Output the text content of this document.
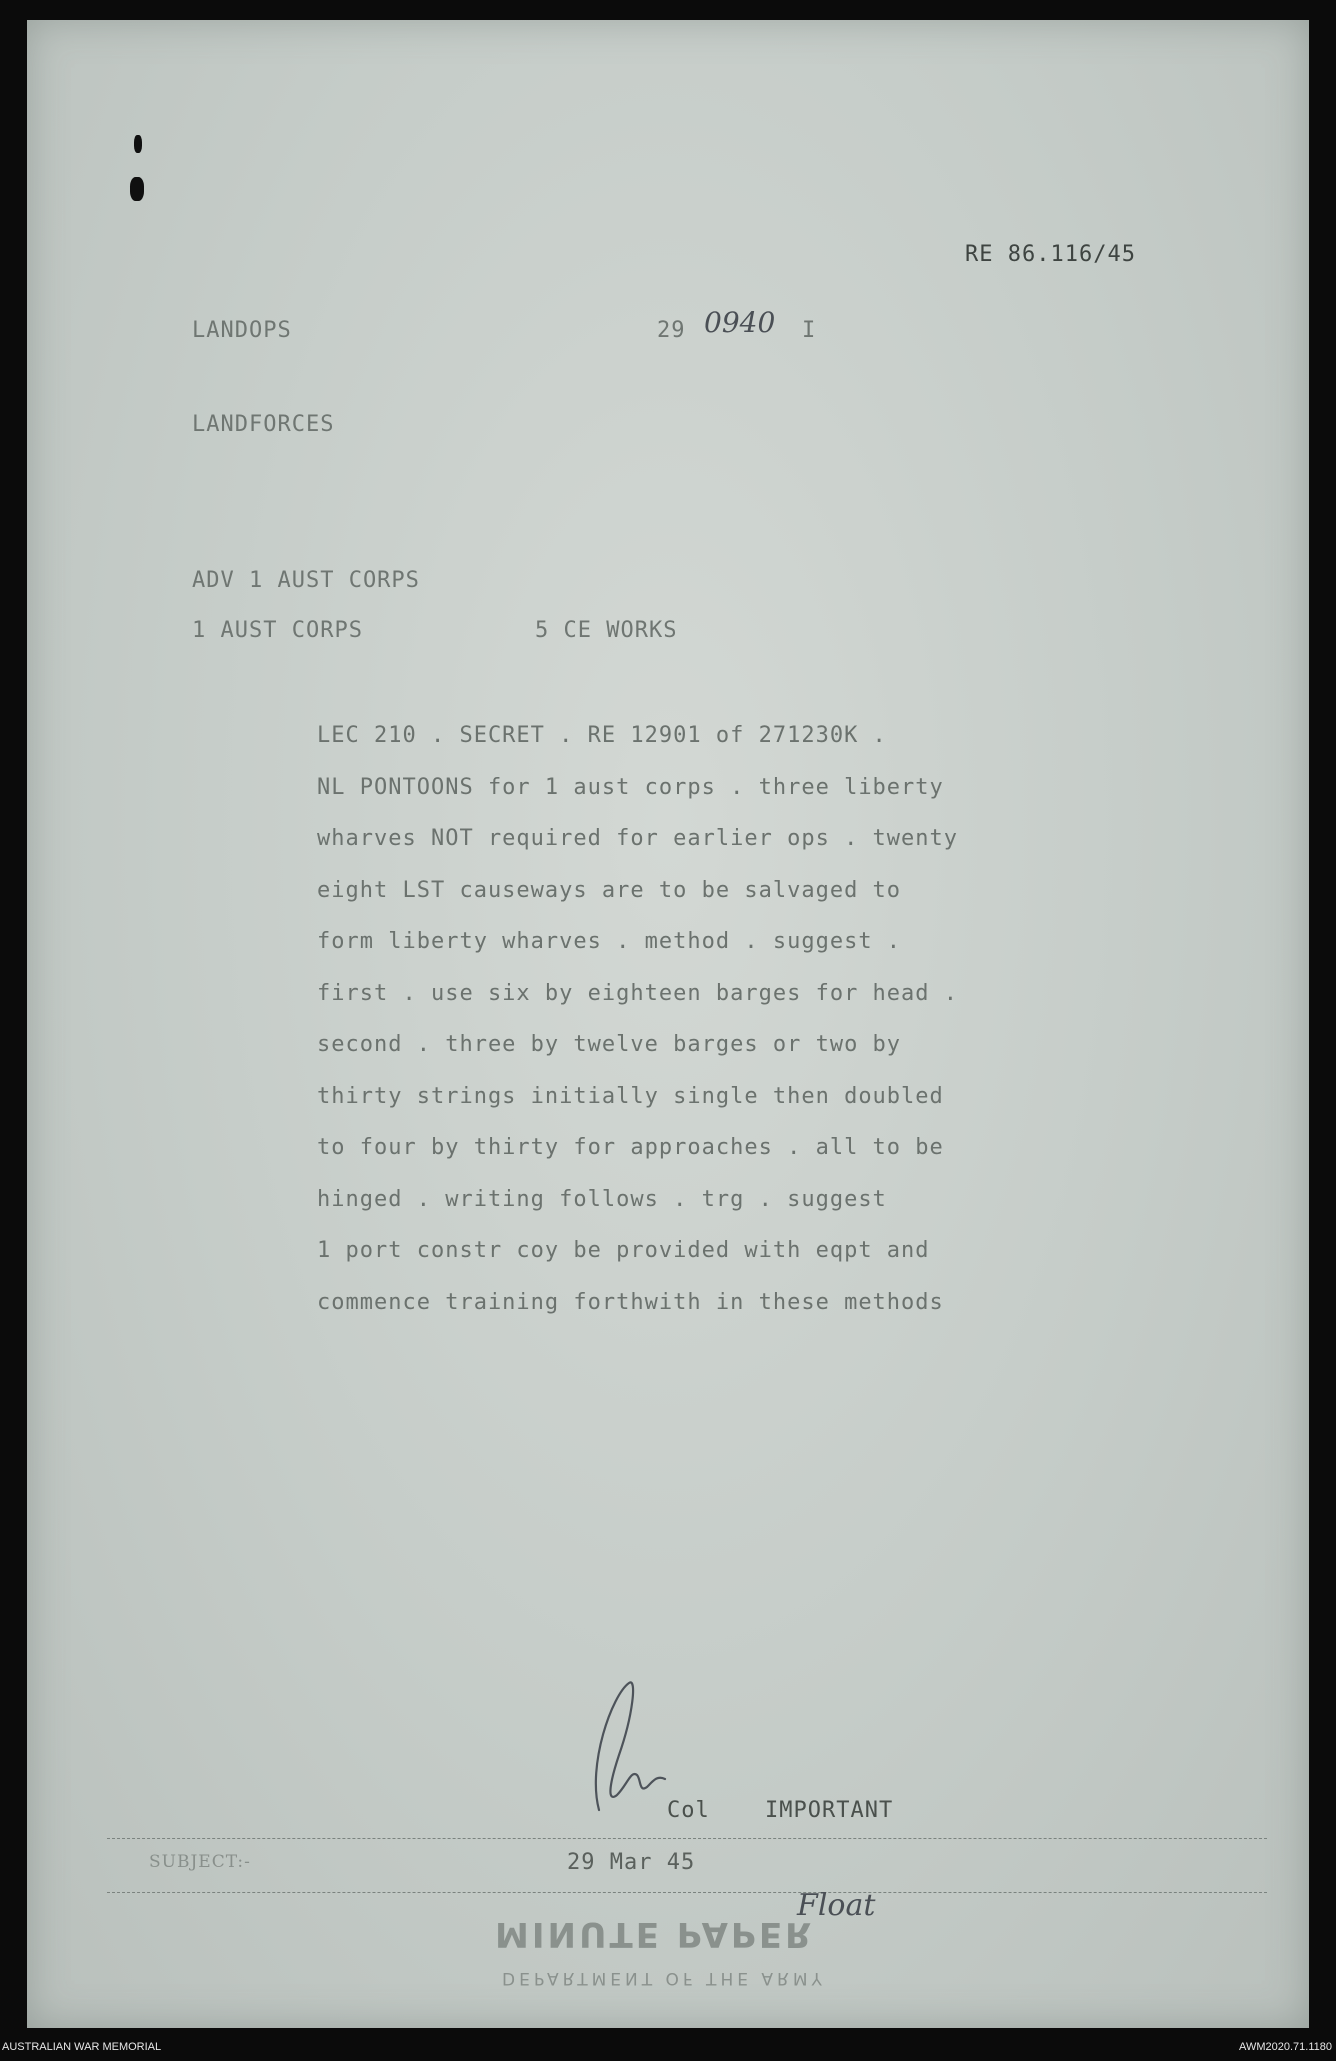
RE 86.116/45
LANDOPS	29 0940 I
LANDFORCES
ADV 1 AUST CORPS
1 AUST CORPS	5 CE WORKS
LEC 210 . SECRET . RE 12901 of 271230K .
NL PONTOONS for 1 aust corps . three liberty
wharves NOT required for earlier ops . twenty
eight LST causeways are to be salvaged to
form liberty wharves . method . suggest .
first . use six by eighteen barges for head .
second . three by twelve barges or two by
thirty strings initially single then doubled
to four by thirty for approaches . all to be
hinged . writing follows . trg . suggest
1 port constr coy be provided with eqpt and
commence training forthwith in these methods
Col	IMPORTANT
SUBJECT:-	29 Mar 45
MINUTE PAPER
DEPARTMENT OF THE ARMY
Float
AUSTRALIAN WAR MEMORIAL	AWM2020.71.1180
